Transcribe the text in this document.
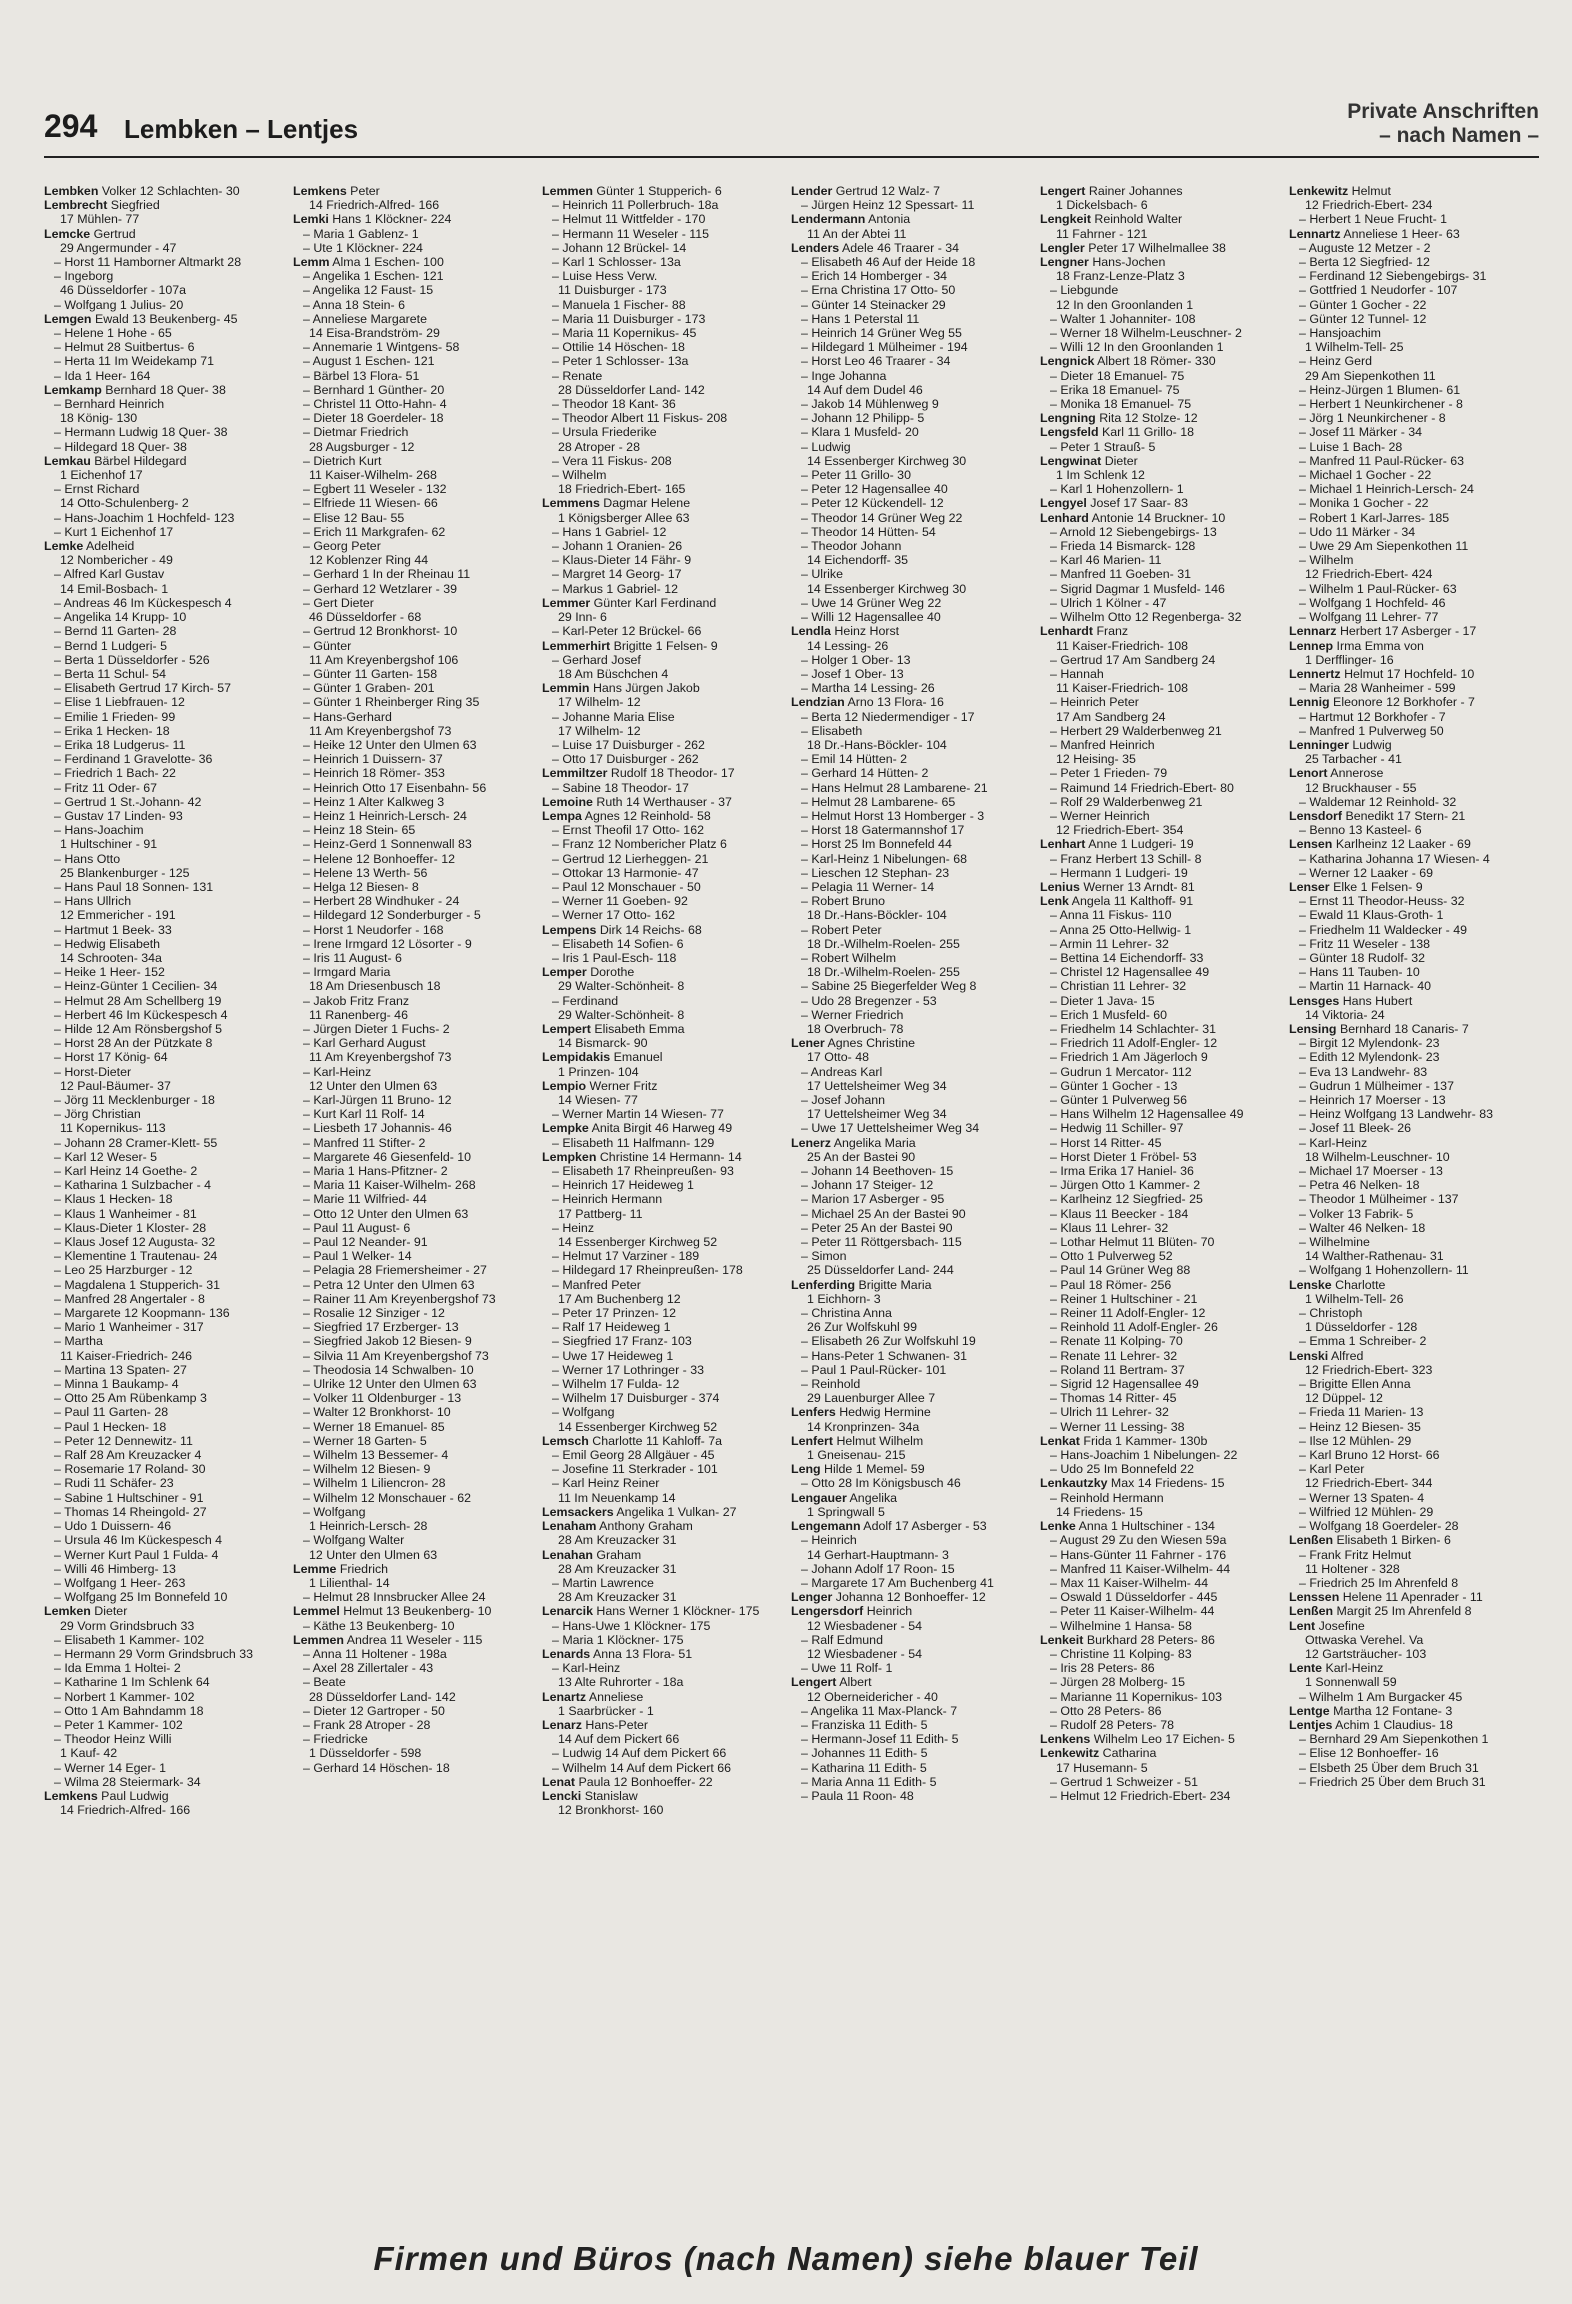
294 Lembken – Lentjes
Private Anschriften
– nach Namen –
Lembken Volker 12 Schlachten- 30
Lembrecht Siegfried
17 Mühlen- 77
Lemcke Gertrud
29 Angermunder - 47
– Horst 11 Hamborner Altmarkt 28
– Ingeborg
46 Düsseldorfer - 107a
– Wolfgang 1 Julius- 20
Lemgen Ewald 13 Beukenberg- 45
– Helene 1 Hohe - 65
– Helmut 28 Suitbertus- 6
– Herta 11 Im Weidekamp 71
– Ida 1 Heer- 164
Lemkamp Bernhard 18 Quer- 38
– Bernhard Heinrich
18 König- 130
– Hermann Ludwig 18 Quer- 38
– Hildegard 18 Quer- 38
Lemkau Bärbel Hildegard
1 Eichenhof 17
– Ernst Richard
14 Otto-Schulenberg- 2
– Hans-Joachim 1 Hochfeld- 123
– Kurt 1 Eichenhof 17
Lemke Adelheid
12 Nombericher - 49
– Alfred Karl Gustav
14 Emil-Bosbach- 1
– Andreas 46 Im Kückespesch 4
– Angelika 14 Krupp- 10
– Bernd 11 Garten- 28
– Bernd 1 Ludgeri- 5
– Berta 1 Düsseldorfer - 526
– Berta 11 Schul- 54
– Elisabeth Gertrud 17 Kirch- 57
– Elise 1 Liebfrauen- 12
– Emilie 1 Frieden- 99
– Erika 1 Hecken- 18
– Erika 18 Ludgerus- 11
– Ferdinand 1 Gravelotte- 36
– Friedrich 1 Bach- 22
– Fritz 11 Oder- 67
– Gertrud 1 St.-Johann- 42
– Gustav 17 Linden- 93
– Hans-Joachim
1 Hultschiner - 91
– Hans Otto
25 Blankenburger - 125
– Hans Paul 18 Sonnen- 131
– Hans Ullrich
12 Emmericher - 191
– Hartmut 1 Beek- 33
– Hedwig Elisabeth
14 Schrooten- 34a
– Heike 1 Heer- 152
– Heinz-Günter 1 Cecilien- 34
– Helmut 28 Am Schellberg 19
– Herbert 46 Im Kückespesch 4
– Hilde 12 Am Rönsbergshof 5
– Horst 28 An der Pützkate 8
– Horst 17 König- 64
– Horst-Dieter
12 Paul-Bäumer- 37
– Jörg 11 Mecklenburger - 18
– Jörg Christian
11 Kopernikus- 113
– Johann 28 Cramer-Klett- 55
– Karl 12 Weser- 5
– Karl Heinz 14 Goethe- 2
– Katharina 1 Sulzbacher - 4
– Klaus 1 Hecken- 18
– Klaus 1 Wanheimer - 81
– Klaus-Dieter 1 Kloster- 28
– Klaus Josef 12 Augusta- 32
– Klementine 1 Trautenau- 24
– Leo 25 Harzburger - 12
– Magdalena 1 Stupperich- 31
– Manfred 28 Angertaler - 8
– Margarete 12 Koopmann- 136
– Mario 1 Wanheimer - 317
– Martha
11 Kaiser-Friedrich- 246
– Martina 13 Spaten- 27
– Minna 1 Baukamp- 4
– Otto 25 Am Rübenkamp 3
– Paul 11 Garten- 28
– Paul 1 Hecken- 18
– Peter 12 Dennewitz- 11
– Ralf 28 Am Kreuzacker 4
– Rosemarie 17 Roland- 30
– Rudi 11 Schäfer- 23
– Sabine 1 Hultschiner - 91
– Thomas 14 Rheingold- 27
– Udo 1 Duissern- 46
– Ursula 46 Im Kückespesch 4
– Werner Kurt Paul 1 Fulda- 4
– Willi 46 Himberg- 13
– Wolfgang 1 Heer- 263
– Wolfgang 25 Im Bonnefeld 10
Lemken Dieter
29 Vorm Grindsbruch 33
– Elisabeth 1 Kammer- 102
– Hermann 29 Vorm Grindsbruch 33
– Ida Emma 1 Holtei- 2
– Katharine 1 Im Schlenk 64
– Norbert 1 Kammer- 102
– Otto 1 Am Bahndamm 18
– Peter 1 Kammer- 102
– Theodor Heinz Willi
1 Kauf- 42
– Werner 14 Eger- 1
– Wilma 28 Steiermark- 34
Lemkens Paul Ludwig
14 Friedrich-Alfred- 166
Lemkens Peter
14 Friedrich-Alfred- 166
Lemki Hans 1 Klöckner- 224
– Maria 1 Gablenz- 1
– Ute 1 Klöckner- 224
Lemm Alma 1 Eschen- 100
– Angelika 1 Eschen- 121
– Angelika 12 Faust- 15
– Anna 18 Stein- 6
– Anneliese Margarete
14 Eisa-Brandström- 29
– Annemarie 1 Wintgens- 58
– August 1 Eschen- 121
– Bärbel 13 Flora- 51
– Bernhard 1 Günther- 20
– Christel 11 Otto-Hahn- 4
– Dieter 18 Goerdeler- 18
– Dietmar Friedrich
28 Augsburger - 12
– Dietrich Kurt
11 Kaiser-Wilhelm- 268
– Egbert 11 Weseler - 132
– Elfriede 11 Wiesen- 66
– Elise 12 Bau- 55
– Erich 11 Markgrafen- 62
– Georg Peter
12 Koblenzer Ring 44
– Gerhard 1 In der Rheinau 11
– Gerhard 12 Wetzlarer - 39
– Gert Dieter
46 Düsseldorfer - 68
– Gertrud 12 Bronkhorst- 10
– Günter
11 Am Kreyenbergshof 106
– Günter 11 Garten- 158
– Günter 1 Graben- 201
– Günter 1 Rheinberger Ring 35
– Hans-Gerhard
11 Am Kreyenbergshof 73
– Heike 12 Unter den Ulmen 63
– Heinrich 1 Duissern- 37
– Heinrich 18 Römer- 353
– Heinrich Otto 17 Eisenbahn- 56
– Heinz 1 Alter Kalkweg 3
– Heinz 1 Heinrich-Lersch- 24
– Heinz 18 Stein- 65
– Heinz-Gerd 1 Sonnenwall 83
– Helene 12 Bonhoeffer- 12
– Helene 13 Werth- 56
– Helga 12 Biesen- 8
– Herbert 28 Windhuker - 24
– Hildegard 12 Sonderburger - 5
– Horst 1 Neudorfer - 168
– Irene Irmgard 12 Lösorter - 9
– Iris 11 August- 6
– Irmgard Maria
18 Am Driesenbusch 18
– Jakob Fritz Franz
11 Ranenberg- 46
– Jürgen Dieter 1 Fuchs- 2
– Karl Gerhard August
11 Am Kreyenbergshof 73
– Karl-Heinz
12 Unter den Ulmen 63
– Karl-Jürgen 11 Bruno- 12
– Kurt Karl 11 Rolf- 14
– Liesbeth 17 Johannis- 46
– Manfred 11 Stifter- 2
– Margarete 46 Giesenfeld- 10
– Maria 1 Hans-Pfitzner- 2
– Maria 11 Kaiser-Wilhelm- 268
– Marie 11 Wilfried- 44
– Otto 12 Unter den Ulmen 63
– Paul 11 August- 6
– Paul 12 Neander- 91
– Paul 1 Welker- 14
– Pelagia 28 Friemersheimer - 27
– Petra 12 Unter den Ulmen 63
– Rainer 11 Am Kreyenbergshof 73
– Rosalie 12 Sinziger - 12
– Siegfried 17 Erzberger- 13
– Siegfried Jakob 12 Biesen- 9
– Silvia 11 Am Kreyenbergshof 73
– Theodosia 14 Schwalben- 10
– Ulrike 12 Unter den Ulmen 63
– Volker 11 Oldenburger - 13
– Walter 12 Bronkhorst- 10
– Werner 18 Emanuel- 85
– Werner 18 Garten- 5
– Wilhelm 13 Bessemer- 4
– Wilhelm 12 Biesen- 9
– Wilhelm 1 Liliencron- 28
– Wilhelm 12 Monschauer - 62
– Wolfgang
1 Heinrich-Lersch- 28
– Wolfgang Walter
12 Unter den Ulmen 63
Lemme Friedrich
1 Lilienthal- 14
– Helmut 28 Innsbrucker Allee 24
Lemmel Helmut 13 Beukenberg- 10
– Käthe 13 Beukenberg- 10
Lemmen Andrea 11 Weseler - 115
– Anna 11 Holtener - 198a
– Axel 28 Zillertaler - 43
– Beate
28 Düsseldorfer Land- 142
– Dieter 12 Gartroper - 50
– Frank 28 Atroper - 28
– Friedricke
1 Düsseldorfer - 598
– Gerhard 14 Höschen- 18
Lemmen Günter 1 Stupperich- 6
– Heinrich 11 Pollerbruch- 18a
– Helmut 11 Wittfelder - 170
– Hermann 11 Weseler - 115
– Johann 12 Brückel- 14
– Karl 1 Schlosser- 13a
– Luise Hess Verw.
11 Duisburger - 173
– Manuela 1 Fischer- 88
– Maria 11 Duisburger - 173
– Maria 11 Kopernikus- 45
– Ottilie 14 Höschen- 18
– Peter 1 Schlosser- 13a
– Renate
28 Düsseldorfer Land- 142
– Theodor 18 Kant- 36
– Theodor Albert 11 Fiskus- 208
– Ursula Friederike
28 Atroper - 28
– Vera 11 Fiskus- 208
– Wilhelm
18 Friedrich-Ebert- 165
Lemmens Dagmar Helene
1 Königsberger Allee 63
– Hans 1 Gabriel- 12
– Johann 1 Oranien- 26
– Klaus-Dieter 14 Fähr- 9
– Margret 14 Georg- 17
– Markus 1 Gabriel- 12
Lemmer Günter Karl Ferdinand
29 Inn- 6
– Karl-Peter 12 Brückel- 66
Lemmerhirt Brigitte 1 Felsen- 9
– Gerhard Josef
18 Am Büschchen 4
Lemmin Hans Jürgen Jakob
17 Wilhelm- 12
– Johanne Maria Elise
17 Wilhelm- 12
– Luise 17 Duisburger - 262
– Otto 17 Duisburger - 262
Lemmiltzer Rudolf 18 Theodor- 17
– Sabine 18 Theodor- 17
Lemoine Ruth 14 Werthauser - 37
Lempa Agnes 12 Reinhold- 58
– Ernst Theofil 17 Otto- 162
– Franz 12 Nombericher Platz 6
– Gertrud 12 Lierheggen- 21
– Ottokar 13 Harmonie- 47
– Paul 12 Monschauer - 50
– Werner 11 Goeben- 92
– Werner 17 Otto- 162
Lempens Dirk 14 Reichs- 68
– Elisabeth 14 Sofien- 6
– Iris 1 Paul-Esch- 118
Lemper Dorothe
29 Walter-Schönheit- 8
– Ferdinand
29 Walter-Schönheit- 8
Lempert Elisabeth Emma
14 Bismarck- 90
Lempidakis Emanuel
1 Prinzen- 104
Lempio Werner Fritz
14 Wiesen- 77
– Werner Martin 14 Wiesen- 77
Lempke Anita Birgit 46 Harweg 49
– Elisabeth 11 Halfmann- 129
Lempken Christine 14 Hermann- 14
– Elisabeth 17 Rheinpreußen- 93
– Heinrich 17 Heideweg 1
– Heinrich Hermann
17 Pattberg- 11
– Heinz
14 Essenberger Kirchweg 52
– Helmut 17 Varziner - 189
– Hildegard 17 Rheinpreußen- 178
– Manfred Peter
17 Am Buchenberg 12
– Peter 17 Prinzen- 12
– Ralf 17 Heideweg 1
– Siegfried 17 Franz- 103
– Uwe 17 Heideweg 1
– Werner 17 Lothringer - 33
– Wilhelm 17 Fulda- 12
– Wilhelm 17 Duisburger - 374
– Wolfgang
14 Essenberger Kirchweg 52
Lemsch Charlotte 11 Kahloff- 7a
– Emil Georg 28 Allgäuer - 45
– Josefine 11 Sterkrader - 101
– Karl Heinz Reiner
11 Im Neuenkamp 14
Lemsackers Angelika 1 Vulkan- 27
Lenaham Anthony Graham
28 Am Kreuzacker 31
Lenahan Graham
28 Am Kreuzacker 31
– Martin Lawrence
28 Am Kreuzacker 31
Lenarcik Hans Werner 1 Klöckner- 175
– Hans-Uwe 1 Klöckner- 175
– Maria 1 Klöckner- 175
Lenards Anna 13 Flora- 51
– Karl-Heinz
13 Alte Ruhrorter - 18a
Lenartz Anneliese
1 Saarbrücker - 1
Lenarz Hans-Peter
14 Auf dem Pickert 66
– Ludwig 14 Auf dem Pickert 66
– Wilhelm 14 Auf dem Pickert 66
Lenat Paula 12 Bonhoeffer- 22
Lencki Stanislaw
12 Bronkhorst- 160
Lender Gertrud 12 Walz- 7
– Jürgen Heinz 12 Spessart- 11
Lendermann Antonia
11 An der Abtei 11
Lenders Adele 46 Traarer - 34
– Elisabeth 46 Auf der Heide 18
– Erich 14 Homberger - 34
– Erna Christina 17 Otto- 50
– Günter 14 Steinacker 29
– Hans 1 Peterstal 11
– Heinrich 14 Grüner Weg 55
– Hildegard 1 Mülheimer - 194
– Horst Leo 46 Traarer - 34
– Inge Johanna
14 Auf dem Dudel 46
– Jakob 14 Mühlenweg 9
– Johann 12 Philipp- 5
– Klara 1 Musfeld- 20
– Ludwig
14 Essenberger Kirchweg 30
– Peter 11 Grillo- 30
– Peter 12 Hagensallee 40
– Peter 12 Kückendell- 12
– Theodor 14 Grüner Weg 22
– Theodor 14 Hütten- 54
– Theodor Johann
14 Eichendorff- 35
– Ulrike
14 Essenberger Kirchweg 30
– Uwe 14 Grüner Weg 22
– Willi 12 Hagensallee 40
Lendla Heinz Horst
14 Lessing- 26
– Holger 1 Ober- 13
– Josef 1 Ober- 13
– Martha 14 Lessing- 26
Lendzian Arno 13 Flora- 16
– Berta 12 Niedermendiger - 17
– Elisabeth
18 Dr.-Hans-Böckler- 104
– Emil 14 Hütten- 2
– Gerhard 14 Hütten- 2
– Hans Helmut 28 Lambarene- 21
– Helmut 28 Lambarene- 65
– Helmut Horst 13 Homberger - 3
– Horst 18 Gatermannshof 17
– Horst 25 Im Bonnefeld 44
– Karl-Heinz 1 Nibelungen- 68
– Lieschen 12 Stephan- 23
– Pelagia 11 Werner- 14
– Robert Bruno
18 Dr.-Hans-Böckler- 104
– Robert Peter
18 Dr.-Wilhelm-Roelen- 255
– Robert Wilhelm
18 Dr.-Wilhelm-Roelen- 255
– Sabine 25 Biegerfelder Weg 8
– Udo 28 Bregenzer - 53
– Werner Friedrich
18 Overbruch- 78
Lener Agnes Christine
17 Otto- 48
– Andreas Karl
17 Uettelsheimer Weg 34
– Josef Johann
17 Uettelsheimer Weg 34
– Uwe 17 Uettelsheimer Weg 34
Lenerz Angelika Maria
25 An der Bastei 90
– Johann 14 Beethoven- 15
– Johann 17 Steiger- 12
– Marion 17 Asberger - 95
– Michael 25 An der Bastei 90
– Peter 25 An der Bastei 90
– Peter 11 Röttgersbach- 115
– Simon
25 Düsseldorfer Land- 244
Lenferding Brigitte Maria
1 Eichhorn- 3
– Christina Anna
26 Zur Wolfskuhl 99
– Elisabeth 26 Zur Wolfskuhl 19
– Hans-Peter 1 Schwanen- 31
– Paul 1 Paul-Rücker- 101
– Reinhold
29 Lauenburger Allee 7
Lenfers Hedwig Hermine
14 Kronprinzen- 34a
Lenfert Helmut Wilhelm
1 Gneisenau- 215
Leng Hilde 1 Memel- 59
– Otto 28 Im Königsbusch 46
Lengauer Angelika
1 Springwall 5
Lengemann Adolf 17 Asberger - 53
– Heinrich
14 Gerhart-Hauptmann- 3
– Johann Adolf 17 Roon- 15
– Margarete 17 Am Buchenberg 41
Lenger Johanna 12 Bonhoeffer- 12
Lengersdorf Heinrich
12 Wiesbadener - 54
– Ralf Edmund
12 Wiesbadener - 54
– Uwe 11 Rolf- 1
Lengert Albert
12 Oberneidericher - 40
– Angelika 11 Max-Planck- 7
– Franziska 11 Edith- 5
– Hermann-Josef 11 Edith- 5
– Johannes 11 Edith- 5
– Katharina 11 Edith- 5
– Maria Anna 11 Edith- 5
– Paula 11 Roon- 48
Lengert Rainer Johannes
1 Dickelsbach- 6
Lengkeit Reinhold Walter
11 Fahrner - 121
Lengler Peter 17 Wilhelmallee 38
Lengner Hans-Jochen
18 Franz-Lenze-Platz 3
– Liebgunde
12 In den Groonlanden 1
– Walter 1 Johanniter- 108
– Werner 18 Wilhelm-Leuschner- 2
– Willi 12 In den Groonlanden 1
Lengnick Albert 18 Römer- 330
– Dieter 18 Emanuel- 75
– Erika 18 Emanuel- 75
– Monika 18 Emanuel- 75
Lengning Rita 12 Stolze- 12
Lengsfeld Karl 11 Grillo- 18
– Peter 1 Strauß- 5
Lengwinat Dieter
1 Im Schlenk 12
– Karl 1 Hohenzollern- 1
Lengyel Josef 17 Saar- 83
Lenhard Antonie 14 Bruckner- 10
– Arnold 12 Siebengebirgs- 13
– Frieda 14 Bismarck- 128
– Karl 46 Marien- 11
– Manfred 11 Goeben- 31
– Sigrid Dagmar 1 Musfeld- 146
– Ulrich 1 Kölner - 47
– Wilhelm Otto 12 Regenberga- 32
Lenhardt Franz
11 Kaiser-Friedrich- 108
– Gertrud 17 Am Sandberg 24
– Hannah
11 Kaiser-Friedrich- 108
– Heinrich Peter
17 Am Sandberg 24
– Herbert 29 Walderbenweg 21
– Manfred Heinrich
12 Heising- 35
– Peter 1 Frieden- 79
– Raimund 14 Friedrich-Ebert- 80
– Rolf 29 Walderbenweg 21
– Werner Heinrich
12 Friedrich-Ebert- 354
Lenhart Anne 1 Ludgeri- 19
– Franz Herbert 13 Schill- 8
– Hermann 1 Ludgeri- 19
Lenius Werner 13 Arndt- 81
Lenk Angela 11 Kalthoff- 91
– Anna 11 Fiskus- 110
– Anna 25 Otto-Hellwig- 1
– Armin 11 Lehrer- 32
– Bettina 14 Eichendorff- 33
– Christel 12 Hagensallee 49
– Christian 11 Lehrer- 32
– Dieter 1 Java- 15
– Erich 1 Musfeld- 60
– Friedhelm 14 Schlachter- 31
– Friedrich 11 Adolf-Engler- 12
– Friedrich 1 Am Jägerloch 9
– Gudrun 1 Mercator- 112
– Günter 1 Gocher - 13
– Günter 1 Pulverweg 56
– Hans Wilhelm 12 Hagensallee 49
– Hedwig 11 Schiller- 97
– Horst 14 Ritter- 45
– Horst Dieter 1 Fröbel- 53
– Irma Erika 17 Haniel- 36
– Jürgen Otto 1 Kammer- 2
– Karlheinz 12 Siegfried- 25
– Klaus 11 Beecker - 184
– Klaus 11 Lehrer- 32
– Lothar Helmut 11 Blüten- 70
– Otto 1 Pulverweg 52
– Paul 14 Grüner Weg 88
– Paul 18 Römer- 256
– Reiner 1 Hultschiner - 21
– Reiner 11 Adolf-Engler- 12
– Reinhold 11 Adolf-Engler- 26
– Renate 11 Kolping- 70
– Renate 11 Lehrer- 32
– Roland 11 Bertram- 37
– Sigrid 12 Hagensallee 49
– Thomas 14 Ritter- 45
– Ulrich 11 Lehrer- 32
– Werner 11 Lessing- 38
Lenkat Frida 1 Kammer- 130b
– Hans-Joachim 1 Nibelungen- 22
– Udo 25 Im Bonnefeld 22
Lenkautzky Max 14 Friedens- 15
– Reinhold Hermann
14 Friedens- 15
Lenke Anna 1 Hultschiner - 134
– August 29 Zu den Wiesen 59a
– Hans-Günter 11 Fahrner - 176
– Manfred 11 Kaiser-Wilhelm- 44
– Max 11 Kaiser-Wilhelm- 44
– Oswald 1 Düsseldorfer - 445
– Peter 11 Kaiser-Wilhelm- 44
– Wilhelmine 1 Hansa- 58
Lenkeit Burkhard 28 Peters- 86
– Christine 11 Kolping- 83
– Iris 28 Peters- 86
– Jürgen 28 Molberg- 15
– Marianne 11 Kopernikus- 103
– Otto 28 Peters- 86
– Rudolf 28 Peters- 78
Lenkens Wilhelm Leo 17 Eichen- 5
Lenkewitz Catharina
17 Husemann- 5
– Gertrud 1 Schweizer - 51
– Helmut 12 Friedrich-Ebert- 234
Lenkewitz Helmut
12 Friedrich-Ebert- 234
– Herbert 1 Neue Frucht- 1
Lennartz Anneliese 1 Heer- 63
– Auguste 12 Metzer - 2
– Berta 12 Siegfried- 12
– Ferdinand 12 Siebengebirgs- 31
– Gottfried 1 Neudorfer - 107
– Günter 1 Gocher - 22
– Günter 12 Tunnel- 12
– Hansjoachim
1 Wilhelm-Tell- 25
– Heinz Gerd
29 Am Siepenkothen 11
– Heinz-Jürgen 1 Blumen- 61
– Herbert 1 Neunkirchener - 8
– Jörg 1 Neunkirchener - 8
– Josef 11 Märker - 34
– Luise 1 Bach- 28
– Manfred 11 Paul-Rücker- 63
– Michael 1 Gocher - 22
– Michael 1 Heinrich-Lersch- 24
– Monika 1 Gocher - 22
– Robert 1 Karl-Jarres- 185
– Udo 11 Märker - 34
– Uwe 29 Am Siepenkothen 11
– Wilhelm
12 Friedrich-Ebert- 424
– Wilhelm 1 Paul-Rücker- 63
– Wolfgang 1 Hochfeld- 46
– Wolfgang 11 Lehrer- 77
Lennarz Herbert 17 Asberger - 17
Lennep Irma Emma von
1 Derfflinger- 16
Lennertz Helmut 17 Hochfeld- 10
– Maria 28 Wanheimer - 599
Lennig Eleonore 12 Borkhofer - 7
– Hartmut 12 Borkhofer - 7
– Manfred 1 Pulverweg 50
Lenninger Ludwig
25 Tarbacher - 41
Lenort Annerose
12 Bruckhauser - 55
– Waldemar 12 Reinhold- 32
Lensdorf Benedikt 17 Stern- 21
– Benno 13 Kasteel- 6
Lensen Karlheinz 12 Laaker - 69
– Katharina Johanna 17 Wiesen- 4
– Werner 12 Laaker - 69
Lenser Elke 1 Felsen- 9
– Ernst 11 Theodor-Heuss- 32
– Ewald 11 Klaus-Groth- 1
– Friedhelm 11 Waldecker - 49
– Fritz 11 Weseler - 138
– Günter 18 Rudolf- 32
– Hans 11 Tauben- 10
– Martin 11 Harnack- 40
Lensges Hans Hubert
14 Viktoria- 24
Lensing Bernhard 18 Canaris- 7
– Birgit 12 Mylendonk- 23
– Edith 12 Mylendonk- 23
– Eva 13 Landwehr- 83
– Gudrun 1 Mülheimer - 137
– Heinrich 17 Moerser - 13
– Heinz Wolfgang 13 Landwehr- 83
– Josef 11 Bleek- 26
– Karl-Heinz
18 Wilhelm-Leuschner- 10
– Michael 17 Moerser - 13
– Petra 46 Nelken- 18
– Theodor 1 Mülheimer - 137
– Volker 13 Fabrik- 5
– Walter 46 Nelken- 18
– Wilhelmine
14 Walther-Rathenau- 31
– Wolfgang 1 Hohenzollern- 11
Lenske Charlotte
1 Wilhelm-Tell- 26
– Christoph
1 Düsseldorfer - 128
– Emma 1 Schreiber- 2
Lenski Alfred
12 Friedrich-Ebert- 323
– Brigitte Ellen Anna
12 Düppel- 12
– Frieda 11 Marien- 13
– Heinz 12 Biesen- 35
– Ilse 12 Mühlen- 29
– Karl Bruno 12 Horst- 66
– Karl Peter
12 Friedrich-Ebert- 344
– Werner 13 Spaten- 4
– Wilfried 12 Mühlen- 29
– Wolfgang 18 Goerdeler- 28
Lenßen Elisabeth 1 Birken- 6
– Frank Fritz Helmut
11 Holtener - 328
– Friedrich 25 Im Ahrenfeld 8
Lenssen Helene 11 Apenrader - 11
Lenßen Margit 25 Im Ahrenfeld 8
Lent Josefine
Ottwaska Verehel. Va
12 Gartsträucher- 103
Lente Karl-Heinz
1 Sonnenwall 59
– Wilhelm 1 Am Burgacker 45
Lentge Martha 12 Fontane- 3
Lentjes Achim 1 Claudius- 18
– Bernhard 29 Am Siepenkothen 1
– Elise 12 Bonhoeffer- 16
– Elsbeth 25 Über dem Bruch 31
– Friedrich 25 Über dem Bruch 31
Firmen und Büros (nach Namen) siehe blauer Teil
